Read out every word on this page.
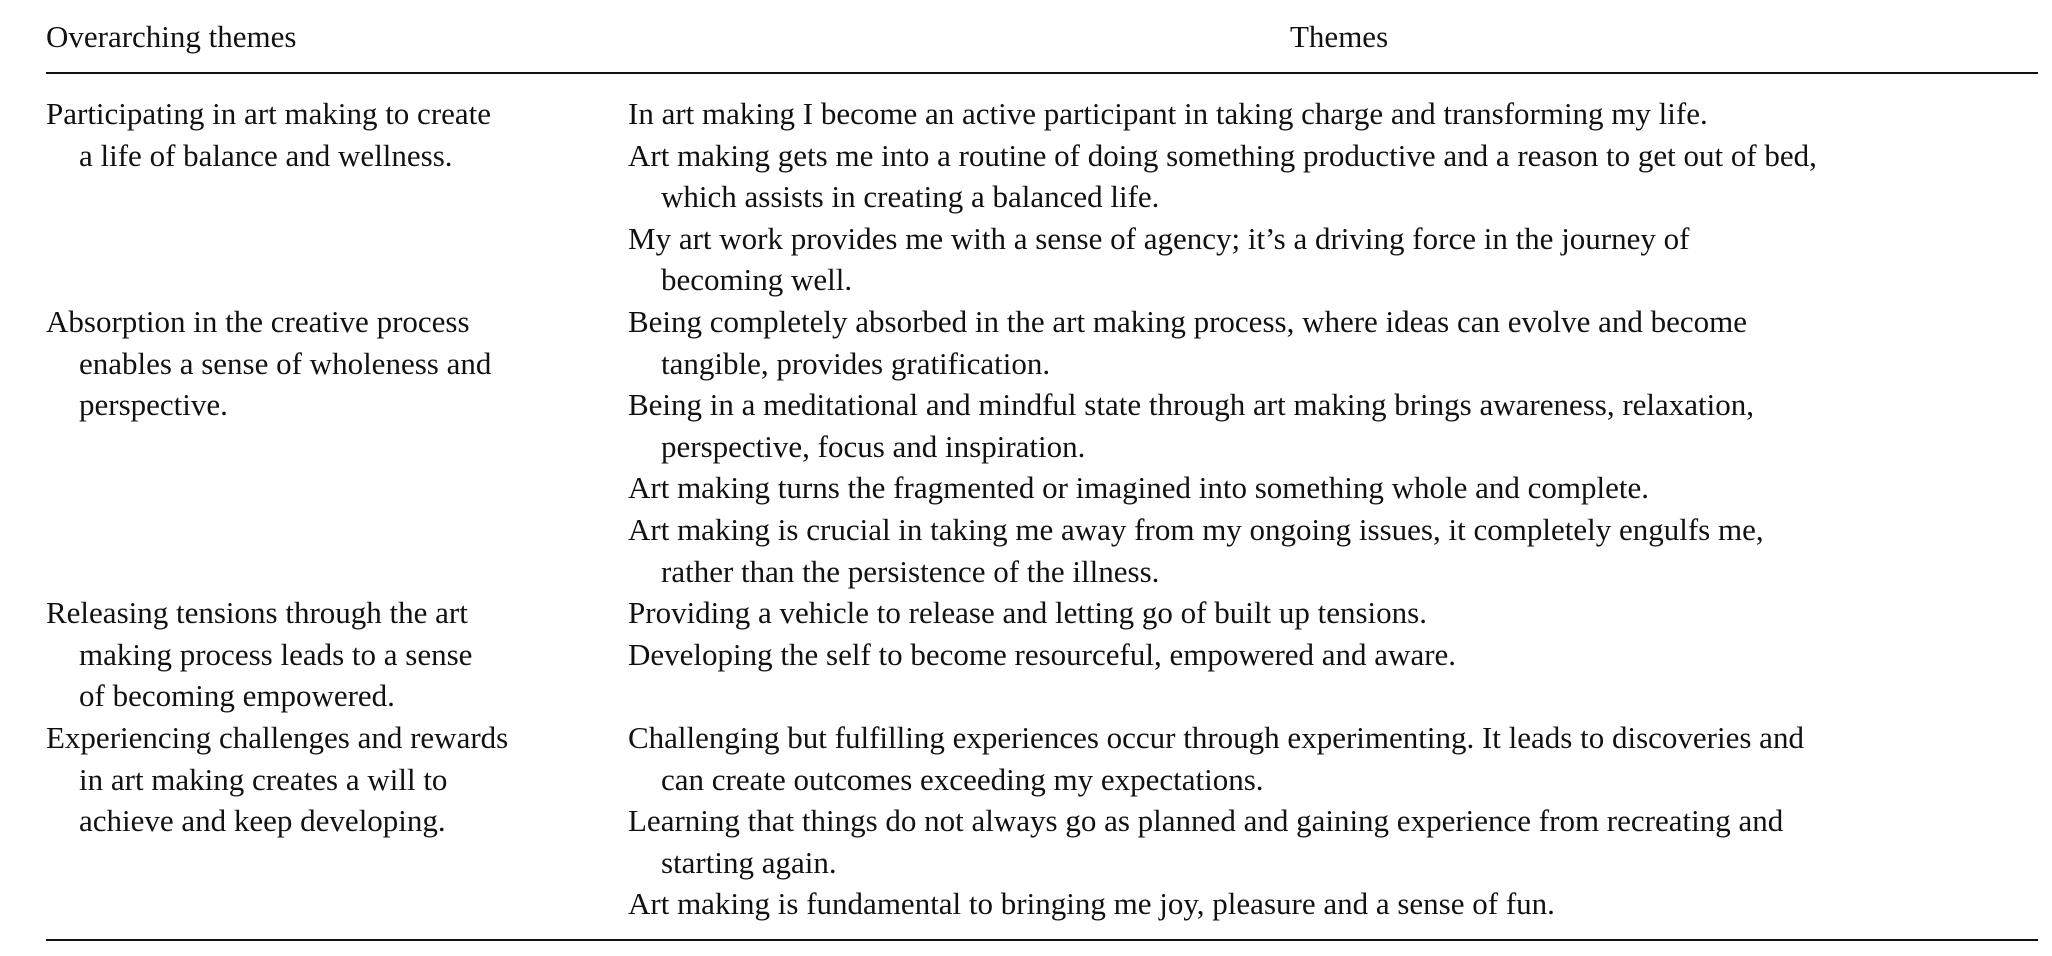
Overarching themes	Themes
Participating in art making to create
a life of balance and wellness.
In art making I become an active participant in taking charge and transforming my life.
Art making gets me into a routine of doing something productive and a reason to get out of bed,
which assists in creating a balanced life.
My art work provides me with a sense of agency; it’s a driving force in the journey of
becoming well.
Absorption in the creative process
enables a sense of wholeness and
perspective.
Being completely absorbed in the art making process, where ideas can evolve and become
tangible, provides gratification.
Being in a meditational and mindful state through art making brings awareness, relaxation,
perspective, focus and inspiration.
Art making turns the fragmented or imagined into something whole and complete.
Art making is crucial in taking me away from my ongoing issues, it completely engulfs me,
rather than the persistence of the illness.
Releasing tensions through the art
making process leads to a sense
of becoming empowered.
Providing a vehicle to release and letting go of built up tensions.
Developing the self to become resourceful, empowered and aware.
Experiencing challenges and rewards
in art making creates a will to
achieve and keep developing.
Challenging but fulfilling experiences occur through experimenting. It leads to discoveries and
can create outcomes exceeding my expectations.
Learning that things do not always go as planned and gaining experience from recreating and
starting again.
Art making is fundamental to bringing me joy, pleasure and a sense of fun.
